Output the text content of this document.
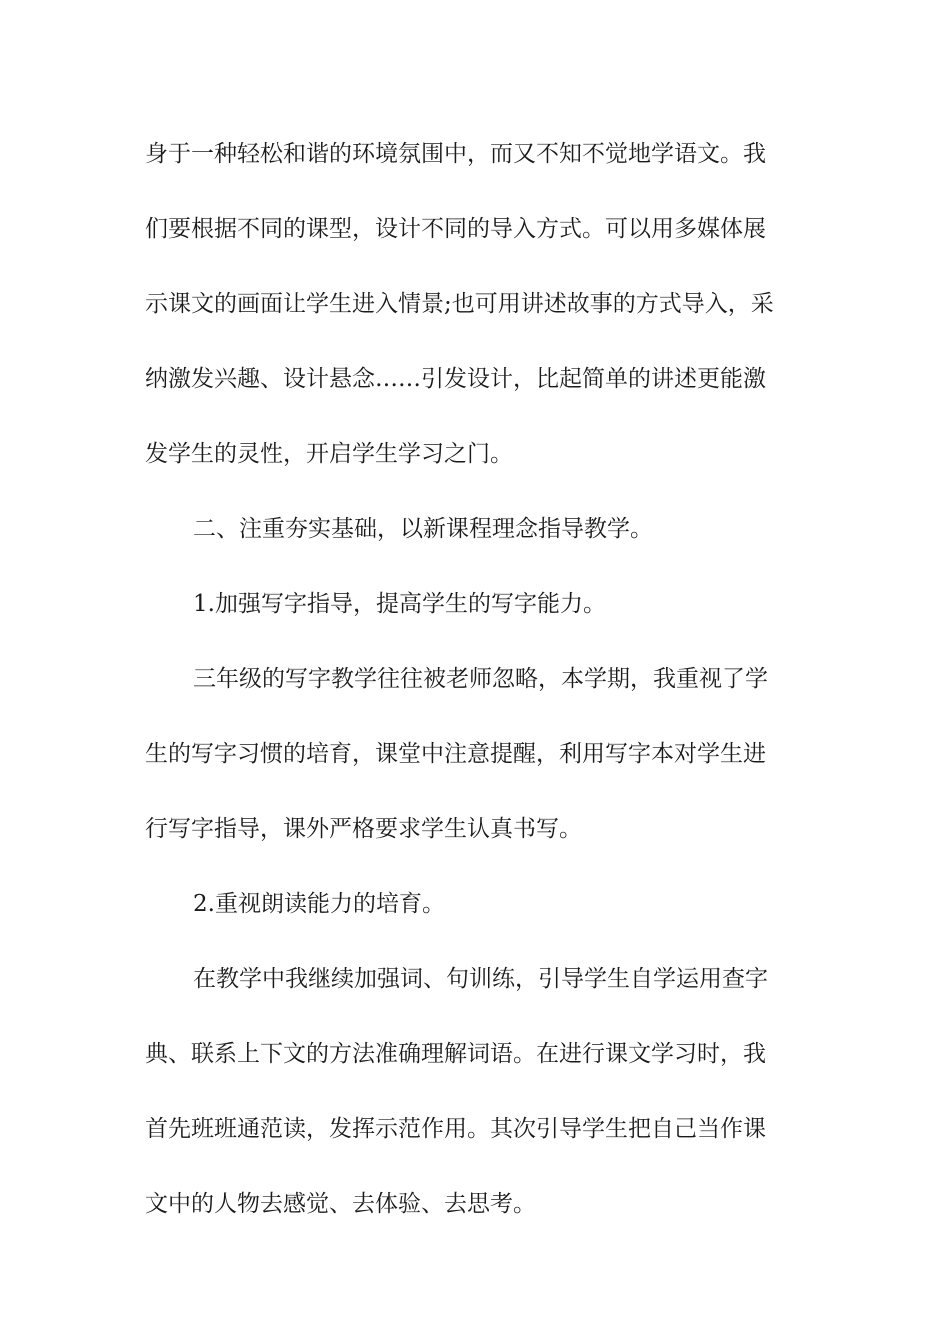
身于一种轻松和谐的环境氛围中，而又不知不觉地学语文。我
们要根据不同的课型，设计不同的导入方式。可以用多媒体展
示课文的画面让学生进入情景;也可用讲述故事的方式导入，采
纳激发兴趣、设计悬念……引发设计，比起简单的讲述更能激
发学生的灵性，开启学生学习之门。
二、注重夯实基础，以新课程理念指导教学。
1.加强写字指导，提高学生的写字能力。
三年级的写字教学往往被老师忽略，本学期，我重视了学
生的写字习惯的培育，课堂中注意提醒，利用写字本对学生进
行写字指导，课外严格要求学生认真书写。
2.重视朗读能力的培育。
在教学中我继续加强词、句训练，引导学生自学运用查字
典、联系上下文的方法准确理解词语。在进行课文学习时，我
首先班班通范读，发挥示范作用。其次引导学生把自己当作课
文中的人物去感觉、去体验、去思考。
